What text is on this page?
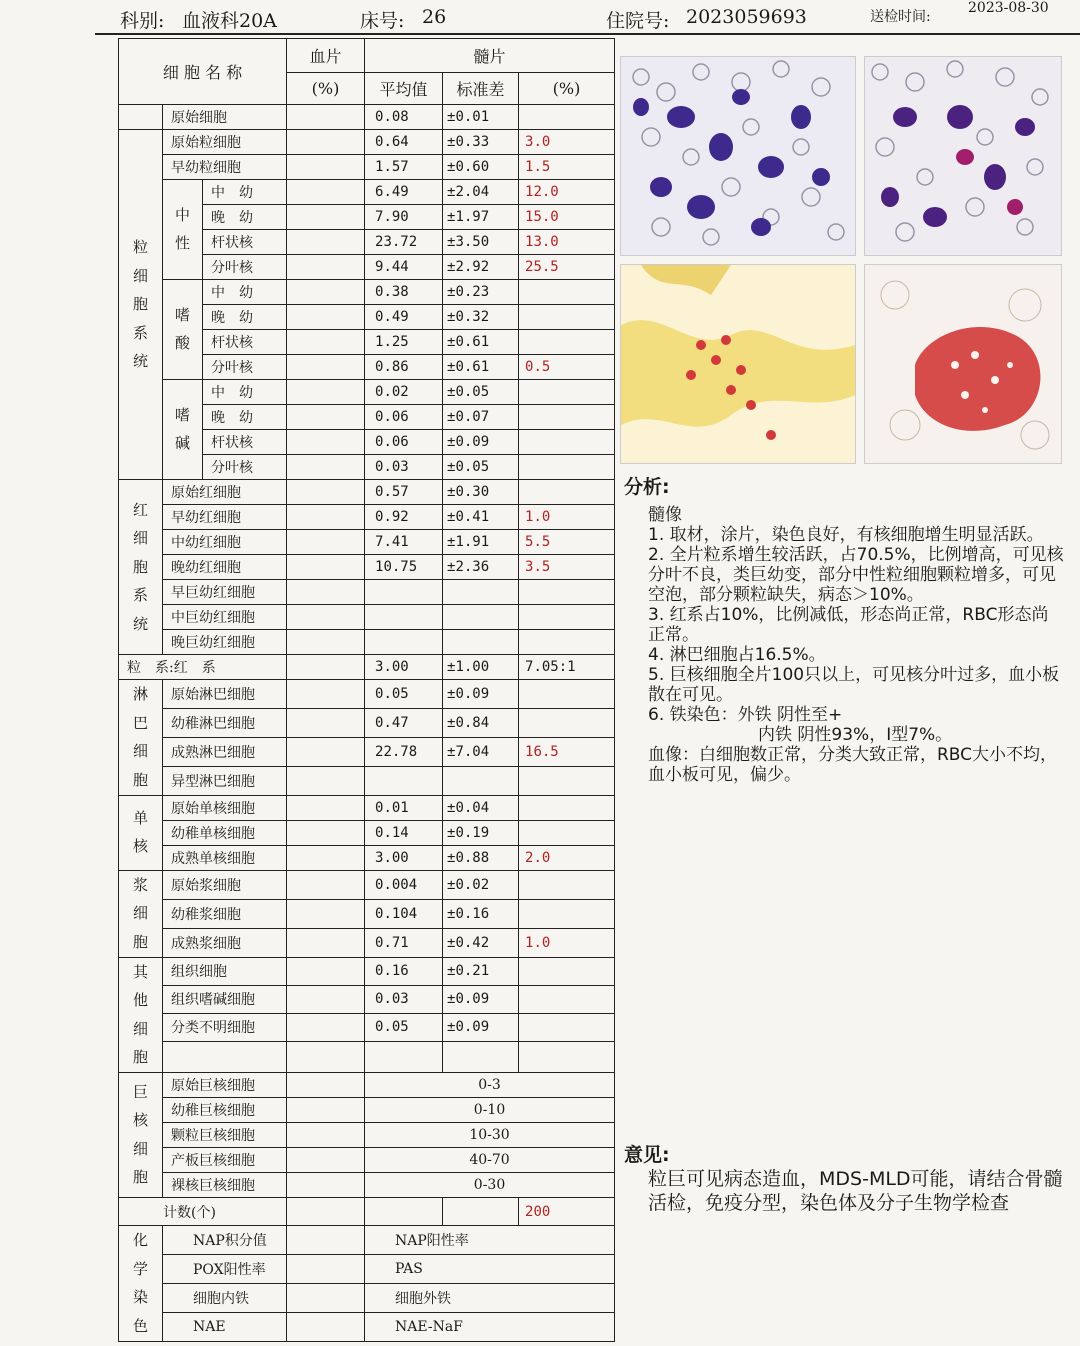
科别: 血液科20A	床号: 26	住院号: 2023059693	送检时间:
2023-08-30
细 胞 名 称			血片	髓片		
			(%)	平均值	标准差	(%)
	原始细胞			0.08	±0.01	
粒细胞系统	原始粒细胞			0.64	±0.33	3.0
	早幼粒细胞			1.57	±0.60	1.5
	中性	中　幼		6.49	±2.04	12.0
		晚　幼		7.90	±1.97	15.0
		杆状核		23.72	±3.50	13.0
		分叶核		9.44	±2.92	25.5
	嗜酸	中　幼		0.38	±0.23	
		晚　幼		0.49	±0.32	
		杆状核		1.25	±0.61	
		分叶核		0.86	±0.61	0.5
	嗜碱	中　幼		0.02	±0.05	
		晚　幼		0.06	±0.07	
		杆状核		0.06	±0.09	
		分叶核		0.03	±0.05	
红细胞系统	原始红细胞			0.57	±0.30	
	早幼红细胞			0.92	±0.41	1.0
	中幼红细胞			7.41	±1.91	5.5
	晚幼红细胞			10.75	±2.36	3.5
	早巨幼红细胞					
	中巨幼红细胞					
	晚巨幼红细胞					
粒　系:红　系				3.00	±1.00	7.05:1
淋巴细胞	原始淋巴细胞			0.05	±0.09	
	幼稚淋巴细胞			0.47	±0.84	
	成熟淋巴细胞			22.78	±7.04	16.5
	异型淋巴细胞					
单核	原始单核细胞			0.01	±0.04	
	幼稚单核细胞			0.14	±0.19	
	成熟单核细胞			3.00	±0.88	2.0
浆细胞	原始浆细胞			0.004	±0.02	
	幼稚浆细胞			0.104	±0.16	
	成熟浆细胞			0.71	±0.42	1.0
其他细胞	组织细胞			0.16	±0.21	
	组织嗜碱细胞			0.03	±0.09	
	分类不明细胞			0.05	±0.09	

巨核细胞	原始巨核细胞			0-3		
	幼稚巨核细胞			0-10		
	颗粒巨核细胞			10-30		
	产板巨核细胞			40-70		
	裸核巨核细胞			0-30		
计数(个)						200
化学染色	NAP积分值			NAP阳性率		
	POX阳性率			PAS		
	细胞内铁			细胞外铁		
	NAE			NAE-NaF		
分析:

髓像

1. 取材，涂片，染色良好，有核细胞增生明显活跃。

2. 全片粒系增生较活跃，占70.5%，比例增高，可见核分叶不良，类巨幼变，部分中性粒细胞颗粒增多，可见空泡，部分颗粒缺失，病态＞10%。

3. 红系占10%，比例减低，形态尚正常，RBC形态尚正常。

4. 淋巴细胞占16.5%。

5. 巨核细胞全片100只以上，可见核分叶过多，血小板散在可见。

6. 铁染色：外铁 阴性至+

内铁 阴性93%，I型7%。

血像：白细胞数正常，分类大致正常，RBC大小不均，血小板可见，偏少。

意见:
粒巨可见病态造血，MDS-MLD可能，请结合骨髓活检，免疫分型，染色体及分子生物学检查
